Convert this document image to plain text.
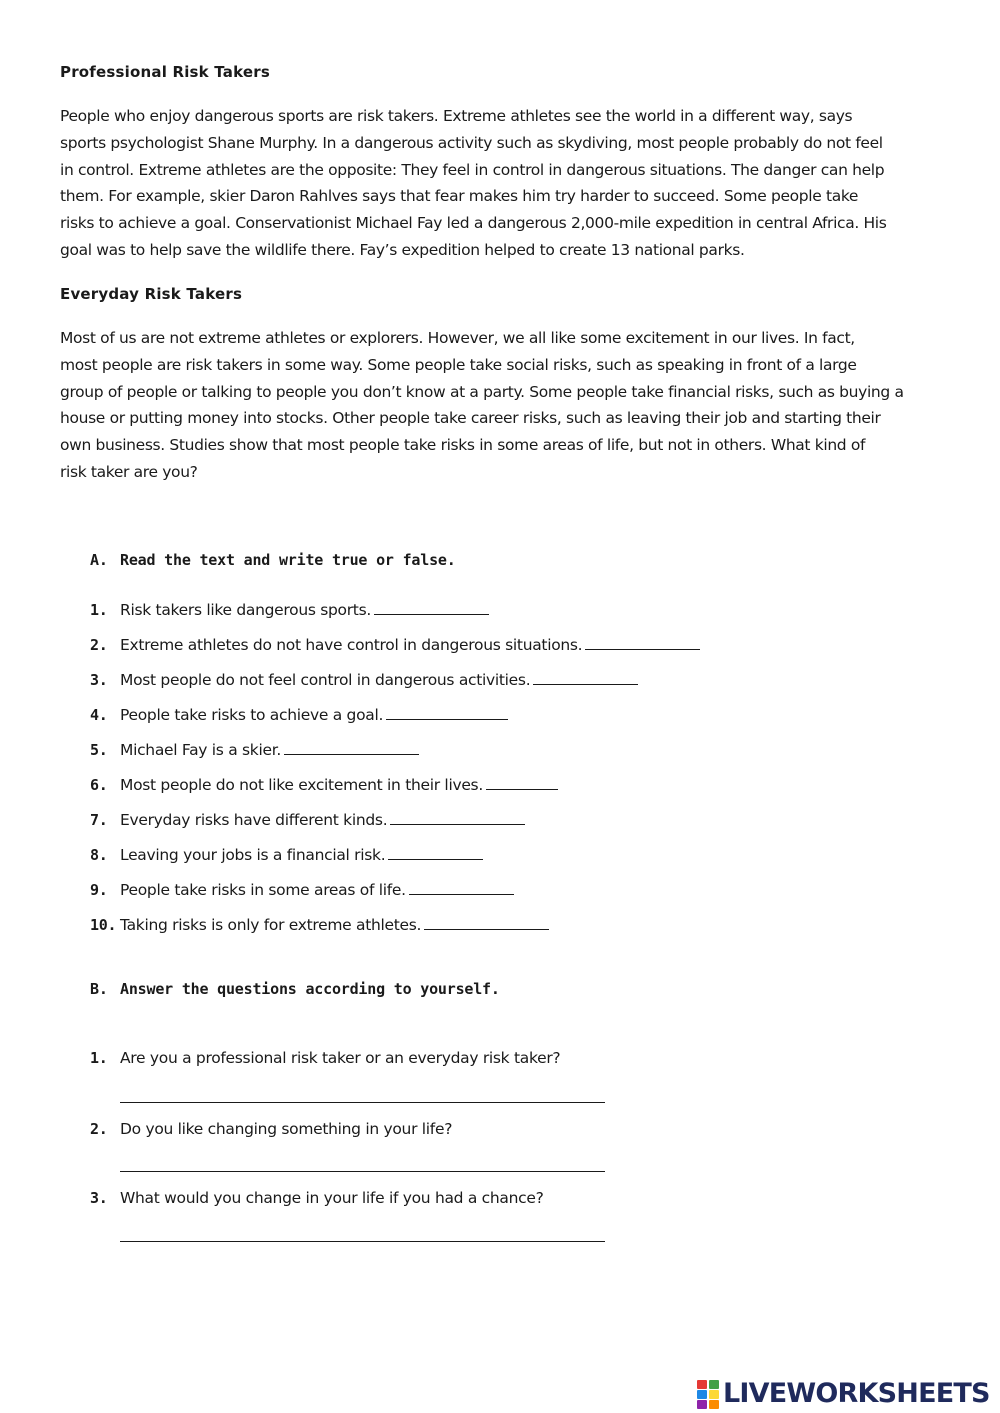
Professional Risk Takers

People who enjoy dangerous sports are risk takers. Extreme athletes see the world in a different way, says
sports psychologist Shane Murphy. In a dangerous activity such as skydiving, most people probably do not feel
in control. Extreme athletes are the opposite: They feel in control in dangerous situations. The danger can help
them. For example, skier Daron Rahlves says that fear makes him try harder to succeed. Some people take
risks to achieve a goal. Conservationist Michael Fay led a dangerous 2,000-mile expedition in central Africa. His
goal was to help save the wildlife there. Fay’s expedition helped to create 13 national parks.

Everyday Risk Takers

Most of us are not extreme athletes or explorers. However, we all like some excitement in our lives. In fact,
most people are risk takers in some way. Some people take social risks, such as speaking in front of a large
group of people or talking to people you don’t know at a party. Some people take financial risks, such as buying a
house or putting money into stocks. Other people take career risks, such as leaving their job and starting their
own business. Studies show that most people take risks in some areas of life, but not in others. What kind of
risk taker are you?

A. Read the text and write true or false.
1. Risk takers like dangerous sports.
2. Extreme athletes do not have control in dangerous situations.
3. Most people do not feel control in dangerous activities.
4. People take risks to achieve a goal.
5. Michael Fay is a skier.
6. Most people do not like excitement in their lives.
7. Everyday risks have different kinds.
8. Leaving your jobs is a financial risk.
9. People take risks in some areas of life.
10. Taking risks is only for extreme athletes.
B. Answer the questions according to yourself.
1. Are you a professional risk taker or an everyday risk taker?
2. Do you like changing something in your life?
3. What would you change in your life if you had a chance?
LIVEWORKSHEETS
